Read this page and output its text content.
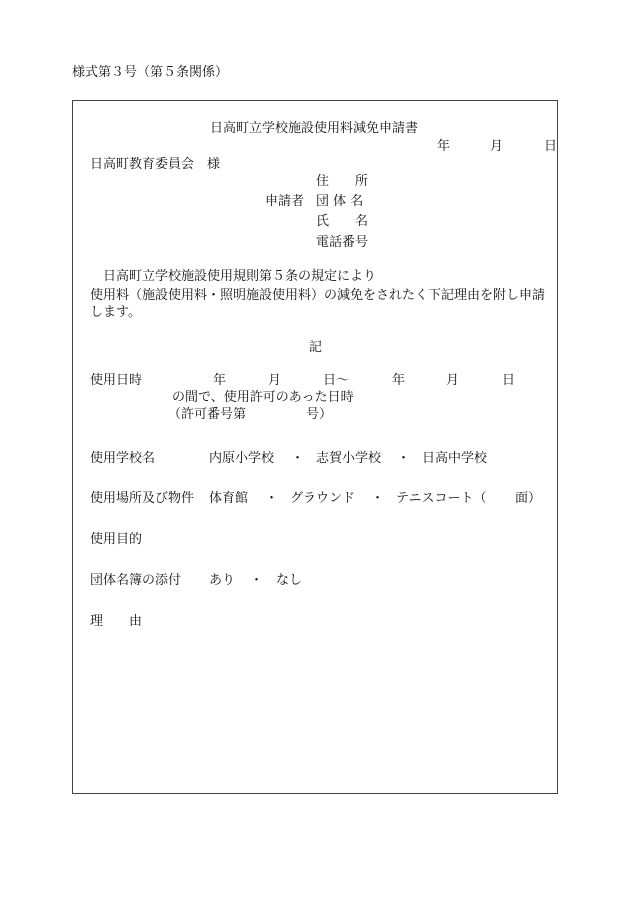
様式第３号（第５条関係）
日高町立学校施設使用料減免申請書
年	月	日
日高町教育委員会　様
申請者
住　　所
団 体 名
氏　　名
電話番号
日高町立学校施設使用規則第５条の規定により
使用料（施設使用料・照明施設使用料）の減免をされたく下記理由を附し申請
します。
記
使用日時	年	月	日～	年	月	日
の間で、使用許可のあった日時
（許可番号第	号）
使用学校名	内原小学校 ・ 志賀小学校 ・ 日高中学校
使用場所及び物件 体育館 ・ グラウンド ・ テニスコート（ 面）
使用目的
団体名簿の添付 あり ・ なし
理　　由
